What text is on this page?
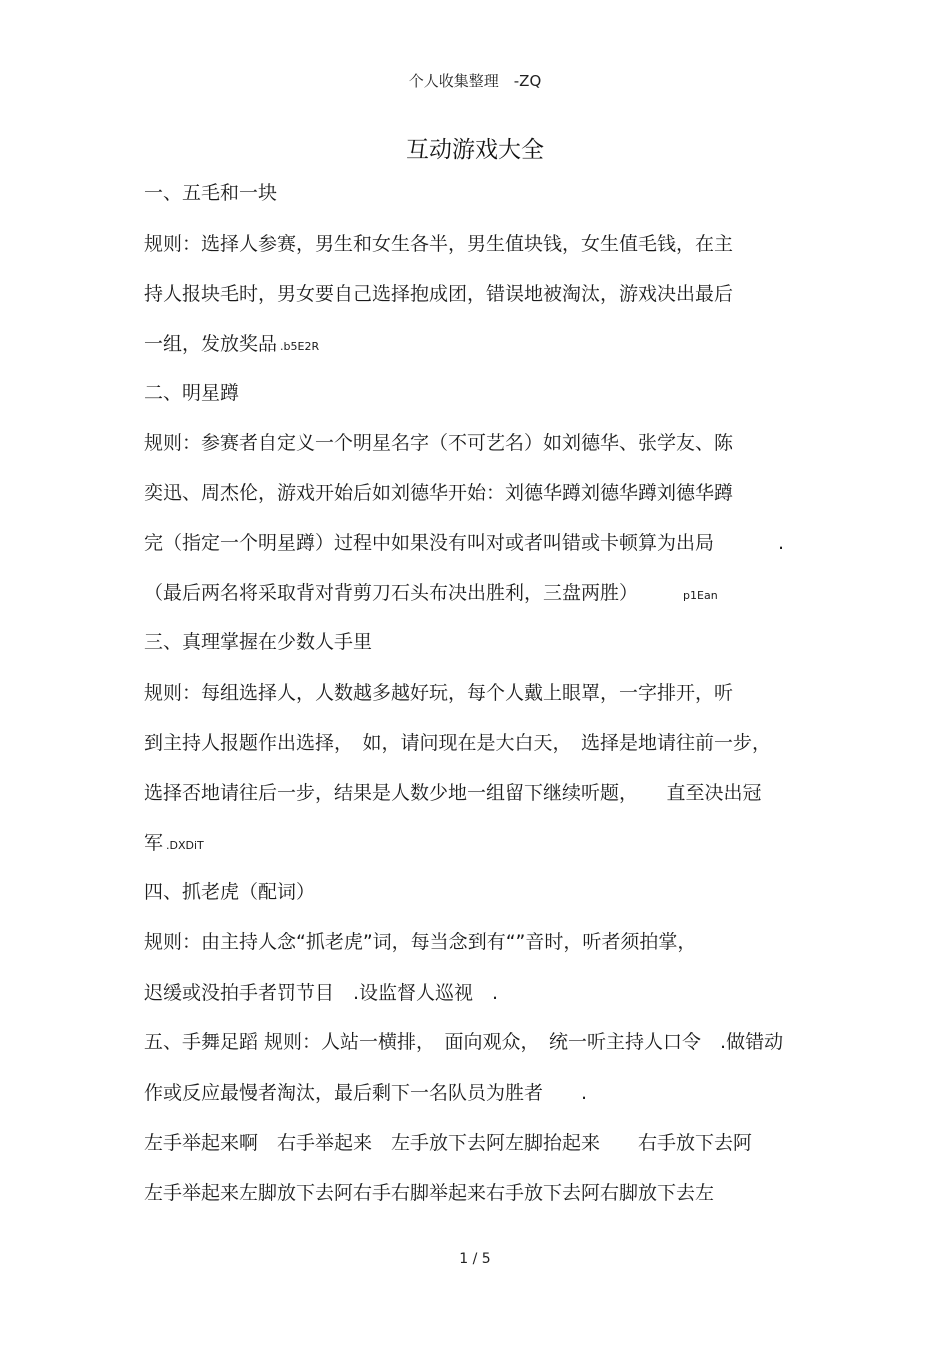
个人收集整理　-ZQ
互动游戏大全
一、五毛和一块
规则：选择人参赛，男生和女生各半，男生值块钱，女生值毛钱，在主
持人报块毛时，男女要自己选择抱成团，错误地被淘汰，游戏决出最后
一组，发放奖品 .b5E2R
二、明星蹲
规则：参赛者自定义一个明星名字（不可艺名）如刘德华、张学友、陈
奕迅、周杰伦，游戏开始后如刘德华开始：刘德华蹲刘德华蹲刘德华蹲
完（指定一个明星蹲）过程中如果没有叫对或者叫错或卡顿算为出局	.
（最后两名将采取背对背剪刀石头布决出胜利，三盘两胜）	p1Ean
三、真理掌握在少数人手里
规则：每组选择人，人数越多越好玩，每个人戴上眼罩，一字排开，听
到主持人报题作出选择，　如，请问现在是大白天，　选择是地请往前一步，
选择否地请往后一步，结果是人数少地一组留下继续听题，　　直至决出冠
军 .DXDiT
四、抓老虎（配词）
规则：由主持人念“抓老虎”词，每当念到有“”音时，听者须拍掌，
迟缓或没拍手者罚节目　.设监督人巡视　.
五、手舞足蹈 规则：人站一横排，　面向观众，　统一听主持人口令　.做错动
作或反应最慢者淘汰，最后剩下一名队员为胜者　　.
左手举起来啊　右手举起来　左手放下去阿左脚抬起来　　右手放下去阿
左手举起来左脚放下去阿右手右脚举起来右手放下去阿右脚放下去左
1 / 5
